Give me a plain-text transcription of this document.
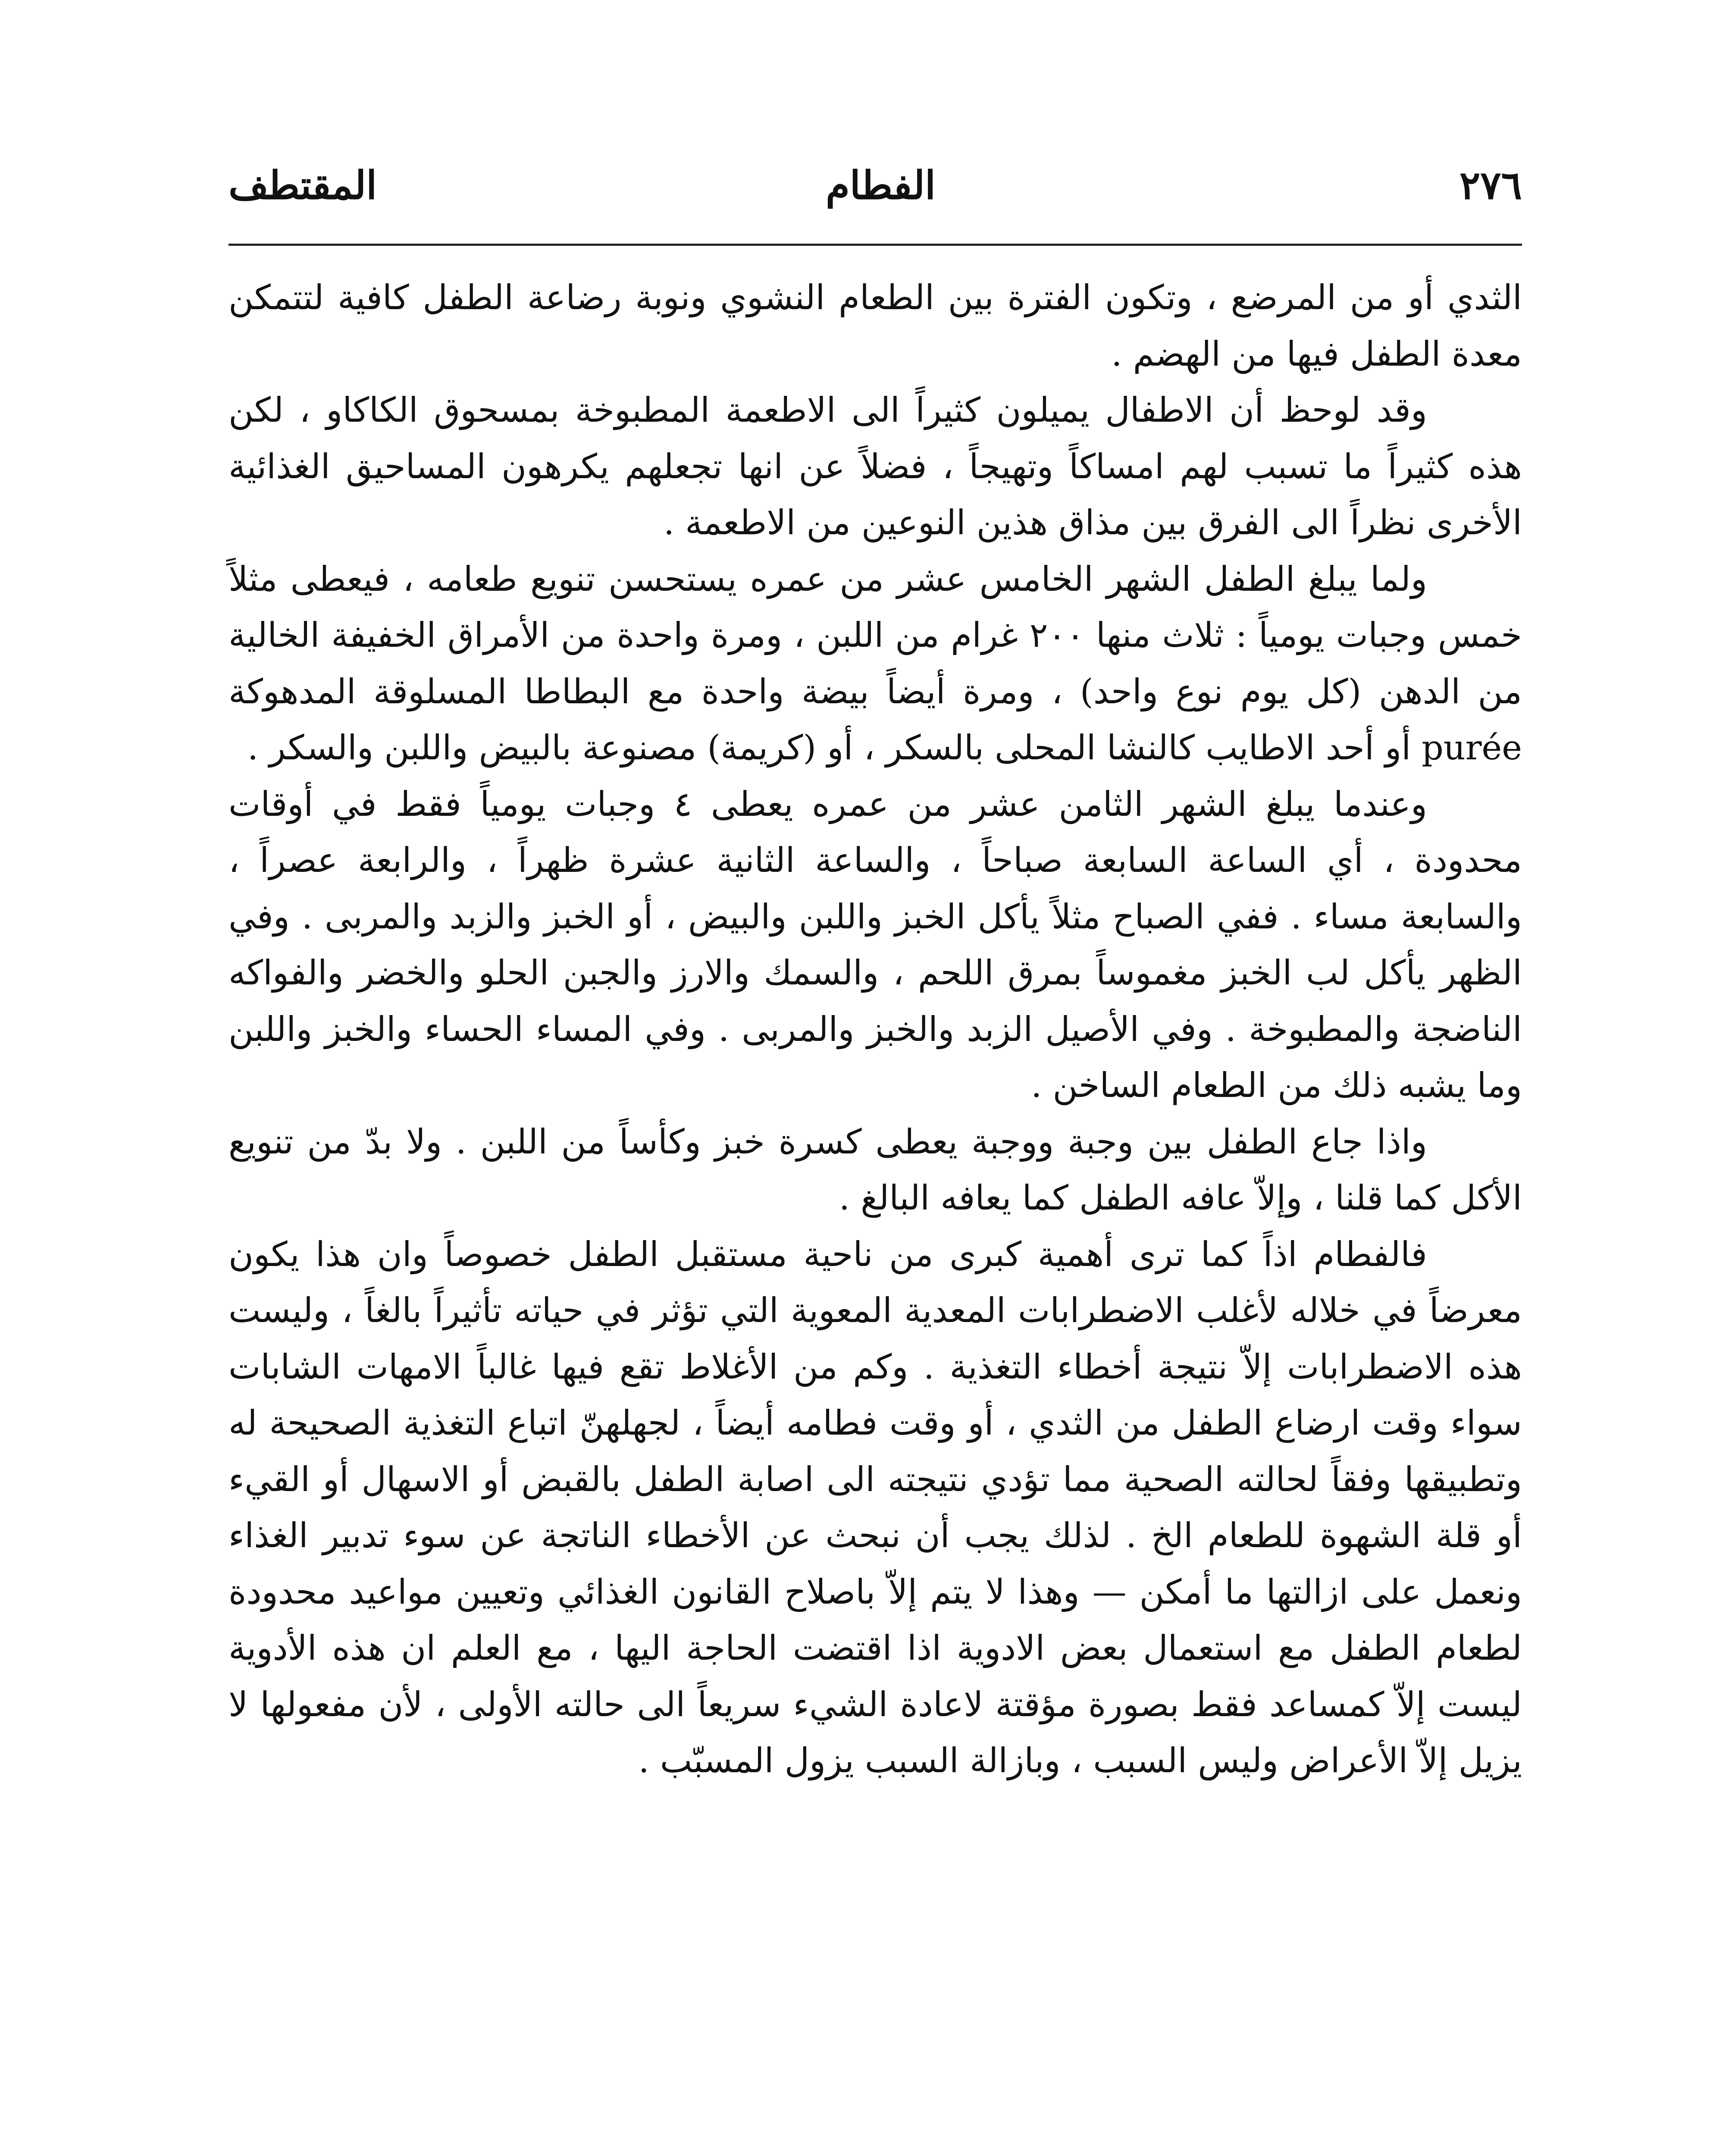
٢٧٦
الفطام
المقتطف

الثدي أو من المرضع ، وتكون الفترة بين الطعام النشوي ونوبة رضاعة الطفل كافية لتتمكن معدة الطفل فيها من الهضم .

وقد لوحظ أن الاطفال يميلون كثيراً الى الاطعمة المطبوخة بمسحوق الكاكاو ، لكن هذه كثيراً ما تسبب لهم امساكاً وتهيجاً ، فضلاً عن انها تجعلهم يكرهون المساحيق الغذائية الأخرى نظراً الى الفرق بين مذاق هذين النوعين من الاطعمة .

ولما يبلغ الطفل الشهر الخامس عشر من عمره يستحسن تنويع طعامه ، فيعطى مثلاً خمس وجبات يومياً : ثلاث منها ٢٠٠ غرام من اللبن ، ومرة واحدة من الأمراق الخفيفة الخالية من الدهن (كل يوم نوع واحد) ، ومرة أيضاً بيضة واحدة مع البطاطا المسلوقة المدهوكة purée أو أحد الاطايب كالنشا المحلى بالسكر ، أو (كريمة) مصنوعة بالبيض واللبن والسكر .

وعندما يبلغ الشهر الثامن عشر من عمره يعطى ٤ وجبات يومياً فقط في أوقات محدودة ، أي الساعة السابعة صباحاً ، والساعة الثانية عشرة ظهراً ، والرابعة عصراً ، والسابعة مساء . ففي الصباح مثلاً يأكل الخبز واللبن والبيض ، أو الخبز والزبد والمربى . وفي الظهر يأكل لب الخبز مغموساً بمرق اللحم ، والسمك والارز والجبن الحلو والخضر والفواكه الناضجة والمطبوخة . وفي الأصيل الزبد والخبز والمربى . وفي المساء الحساء والخبز واللبن وما يشبه ذلك من الطعام الساخن .

واذا جاع الطفل بين وجبة ووجبة يعطى كسرة خبز وكأساً من اللبن . ولا بدّ من تنويع الأكل كما قلنا ، وإلاّ عافه الطفل كما يعافه البالغ .

فالفطام اذاً كما ترى أهمية كبرى من ناحية مستقبل الطفل خصوصاً وان هذا يكون معرضاً في خلاله لأغلب الاضطرابات المعدية المعوية التي تؤثر في حياته تأثيراً بالغاً ، وليست هذه الاضطرابات إلاّ نتيجة أخطاء التغذية . وكم من الأغلاط تقع فيها غالباً الامهات الشابات سواء وقت ارضاع الطفل من الثدي ، أو وقت فطامه أيضاً ، لجهلهنّ اتباع التغذية الصحيحة له وتطبيقها وفقاً لحالته الصحية مما تؤدي نتيجته الى اصابة الطفل بالقبض أو الاسهال أو القيء أو قلة الشهوة للطعام الخ . لذلك يجب أن نبحث عن الأخطاء الناتجة عن سوء تدبير الغذاء ونعمل على ازالتها ما أمكن — وهذا لا يتم إلاّ باصلاح القانون الغذائي وتعيين مواعيد محدودة لطعام الطفل مع استعمال بعض الادوية اذا اقتضت الحاجة اليها ، مع العلم ان هذه الأدوية ليست إلاّ كمساعد فقط بصورة مؤقتة لاعادة الشيء سريعاً الى حالته الأولى ، لأن مفعولها لا يزيل إلاّ الأعراض وليس السبب ، وبازالة السبب يزول المسبّب .
